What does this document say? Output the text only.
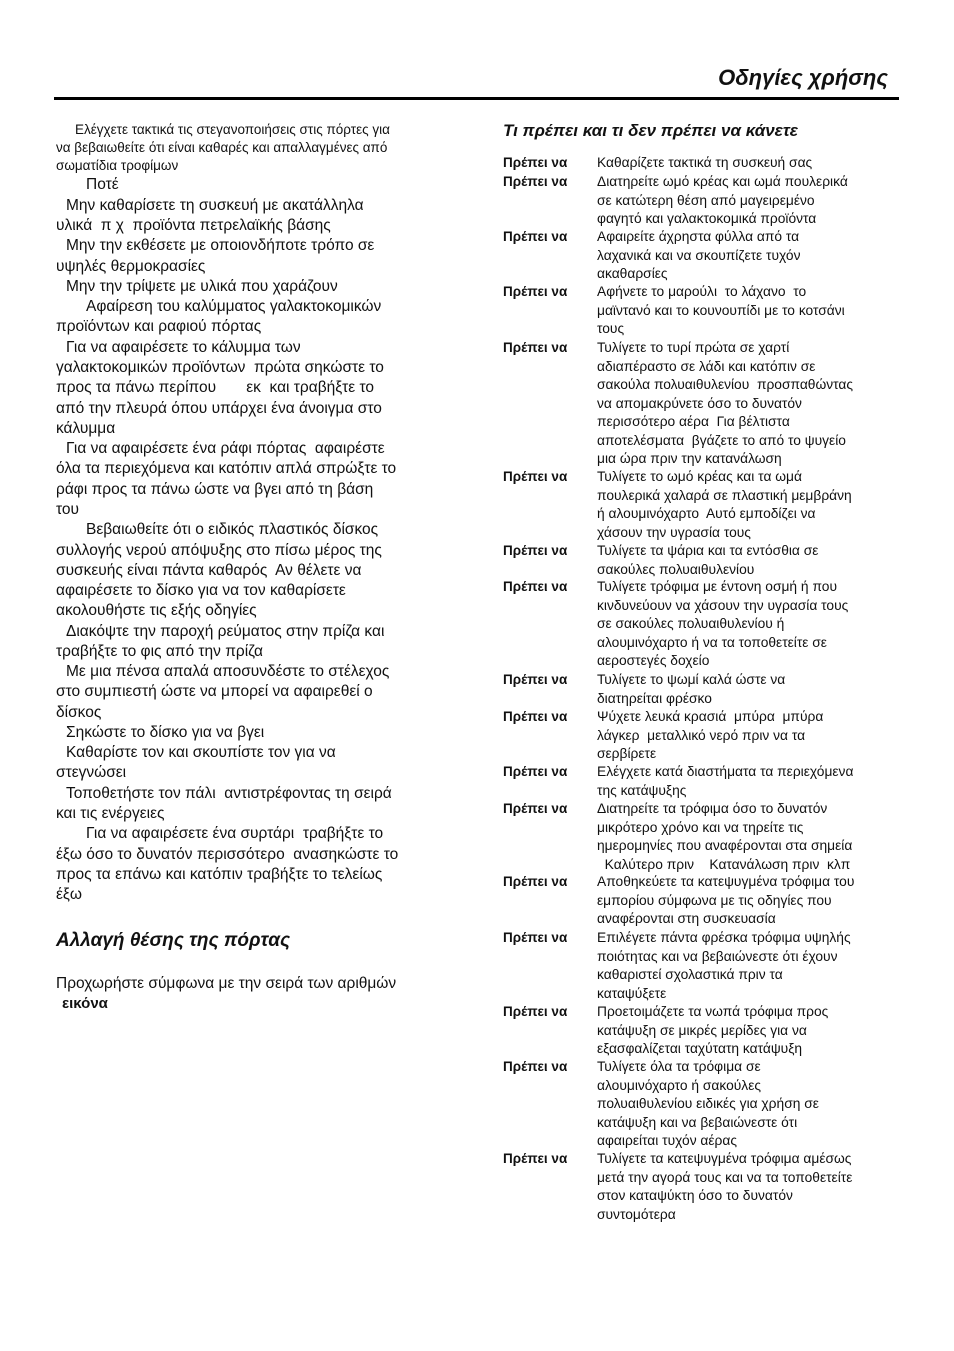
Οδηγίες χρήσης
Ελέγχετε τακτικά τις στεγανοποιήσεις στις πόρτες για
να βεβαιωθείτε ότι είναι καθαρές και απαλλαγμένες από
σωματίδια τροφίμων
Ποτέ
Μην καθαρίσετε τη συσκευή με ακατάλληλα
υλικά  π χ  προϊόντα πετρελαϊκής βάσης
Μην την εκθέσετε με οποιονδήποτε τρόπο σε
υψηλές θερμοκρασίες
Μην την τρίψετε με υλικά που χαράζουν
Αφαίρεση του καλύμματος γαλακτοκομικών
προϊόντων και ραφιού πόρτας
Για να αφαιρέσετε το κάλυμμα των
γαλακτοκομικών προϊόντων  πρώτα σηκώστε το
προς τα πάνω περίπου       εκ  και τραβήξτε το
από την πλευρά όπου υπάρχει ένα άνοιγμα στο
κάλυμμα
Για να αφαιρέσετε ένα ράφι πόρτας  αφαιρέστε
όλα τα περιεχόμενα και κατόπιν απλά σπρώξτε το
ράφι προς τα πάνω ώστε να βγει από τη βάση
του
Βεβαιωθείτε ότι ο ειδικός πλαστικός δίσκος
συλλογής νερού απόψυξης στο πίσω μέρος της
συσκευής είναι πάντα καθαρός  Αν θέλετε να
αφαιρέσετε το δίσκο για να τον καθαρίσετε
ακολουθήστε τις εξής οδηγίες
Διακόψτε την παροχή ρεύματος στην πρίζα και
τραβήξτε το φις από την πρίζα
Με μια πένσα απαλά αποσυνδέστε το στέλεχος
στο συμπιεστή ώστε να μπορεί να αφαιρεθεί ο
δίσκος
Σηκώστε το δίσκο για να βγει
Καθαρίστε τον και σκουπίστε τον για να
στεγνώσει
Τοποθετήστε τον πάλι  αντιστρέφοντας τη σειρά
και τις ενέργειες
Για να αφαιρέσετε ένα συρτάρι  τραβήξτε το
έξω όσο το δυνατόν περισσότερο  ανασηκώστε το
προς τα επάνω και κατόπιν τραβήξτε το τελείως
έξω
Αλλαγή θέσης της πόρτας
Προχωρήστε σύμφωνα με την σειρά των αριθμών
εικόνα
Τι πρέπει και τι δεν πρέπει να κάνετε
Πρέπει να Καθαρίζετε τακτικά τη συσκευή σας
Πρέπει να Διατηρείτε ωμό κρέας και ωμά πουλερικά
σε κατώτερη θέση από μαγειρεμένο
φαγητό και γαλακτοκομικά προϊόντα
Πρέπει να Αφαιρείτε άχρηστα φύλλα από τα
λαχανικά και να σκουπίζετε τυχόν
ακαθαρσίες
Πρέπει να Αφήνετε το μαρούλι  το λάχανο  το
μαϊντανό και το κουνουπίδι με το κοτσάνι
τους
Πρέπει να Τυλίγετε το τυρί πρώτα σε χαρτί
αδιαπέραστο σε λάδι και κατόπιν σε
σακούλα πολυαιθυλενίου  προσπαθώντας
να απομακρύνετε όσο το δυνατόν
περισσότερο αέρα  Για βέλτιστα
αποτελέσματα  βγάζετε το από το ψυγείο
μια ώρα πριν την κατανάλωση
Πρέπει να Τυλίγετε το ωμό κρέας και τα ωμά
πουλερικά χαλαρά σε πλαστική μεμβράνη
ή αλουμινόχαρτο  Αυτό εμποδίζει να
χάσουν την υγρασία τους
Πρέπει να Τυλίγετε τα ψάρια και τα εντόσθια σε
σακούλες πολυαιθυλενίου
Πρέπει να Τυλίγετε τρόφιμα με έντονη οσμή ή που
κινδυνεύουν να χάσουν την υγρασία τους
σε σακούλες πολυαιθυλενίου ή
αλουμινόχαρτο ή να τα τοποθετείτε σε
αεροστεγές δοχείο
Πρέπει να Τυλίγετε το ψωμί καλά ώστε να
διατηρείται φρέσκο
Πρέπει να Ψύχετε λευκά κρασιά  μπύρα  μπύρα
λάγκερ  μεταλλικό νερό πριν να τα
σερβίρετε
Πρέπει να Ελέγχετε κατά διαστήματα τα περιεχόμενα
της κατάψυξης
Πρέπει να Διατηρείτε τα τρόφιμα όσο το δυνατόν
μικρότερο χρόνο και να τηρείτε τις
ημερομηνίες που αναφέρονται στα σημεία
Καλύτερο πριν    Κατανάλωση πριν  κλπ
Πρέπει να Αποθηκεύετε τα κατεψυγμένα τρόφιμα του
εμπορίου σύμφωνα με τις οδηγίες που
αναφέρονται στη συσκευασία
Πρέπει να Επιλέγετε πάντα φρέσκα τρόφιμα υψηλής
ποιότητας και να βεβαιώνεστε ότι έχουν
καθαριστεί σχολαστικά πριν τα
καταψύξετε
Πρέπει να Προετοιμάζετε τα νωπά τρόφιμα προς
κατάψυξη σε μικρές μερίδες για να
εξασφαλίζεται ταχύτατη κατάψυξη
Πρέπει να Τυλίγετε όλα τα τρόφιμα σε
αλουμινόχαρτο ή σακούλες
πολυαιθυλενίου ειδικές για χρήση σε
κατάψυξη και να βεβαιώνεστε ότι
αφαιρείται τυχόν αέρας
Πρέπει να Τυλίγετε τα κατεψυγμένα τρόφιμα αμέσως
μετά την αγορά τους και να τα τοποθετείτε
στον καταψύκτη όσο το δυνατόν
συντομότερα
